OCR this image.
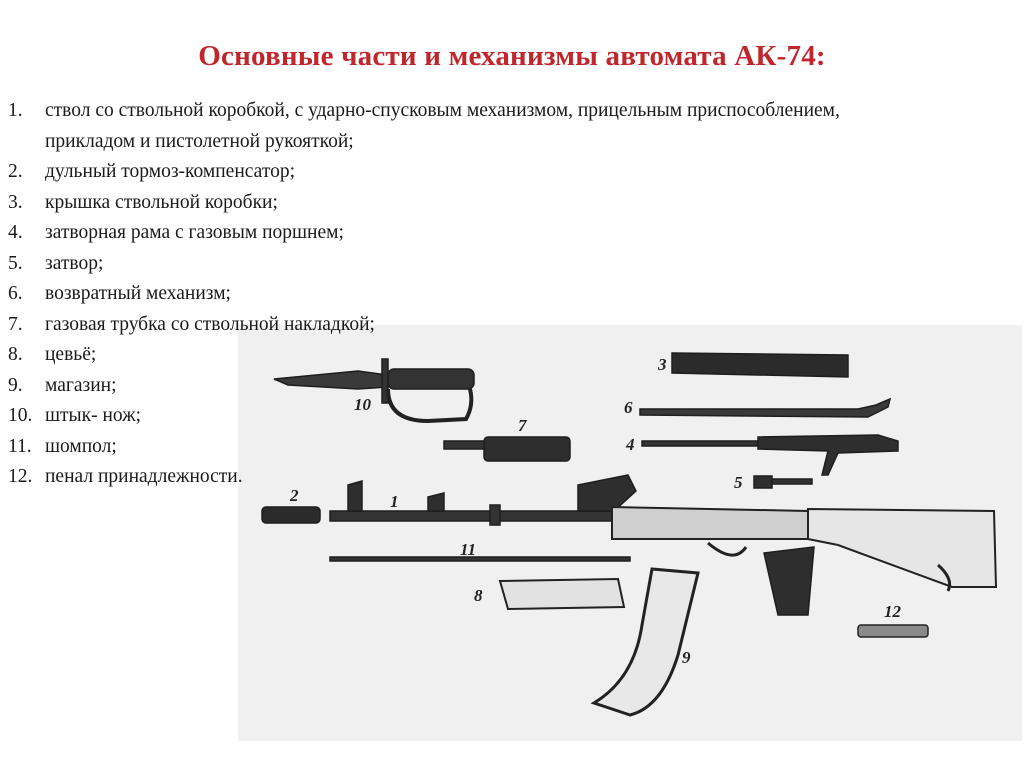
10
3
6
4
5
7
2	1
11
8
9
12
Основные части и механизмы автомата АК-74:
1. ствол со ствольной коробкой, с ударно-спусковым механизмом, прицельным приспособлением, прикладом и пистолетной рукояткой;
2. дульный тормоз-компенсатор;
3. крышка ствольной коробки;
4. затворная рама с газовым поршнем;
5. затвор;
6. возвратный механизм;
7. газовая трубка со ствольной накладкой;
8. цевьё;
9. магазин;
10. штык- нож;
11. шомпол;
12. пенал принадлежности.
